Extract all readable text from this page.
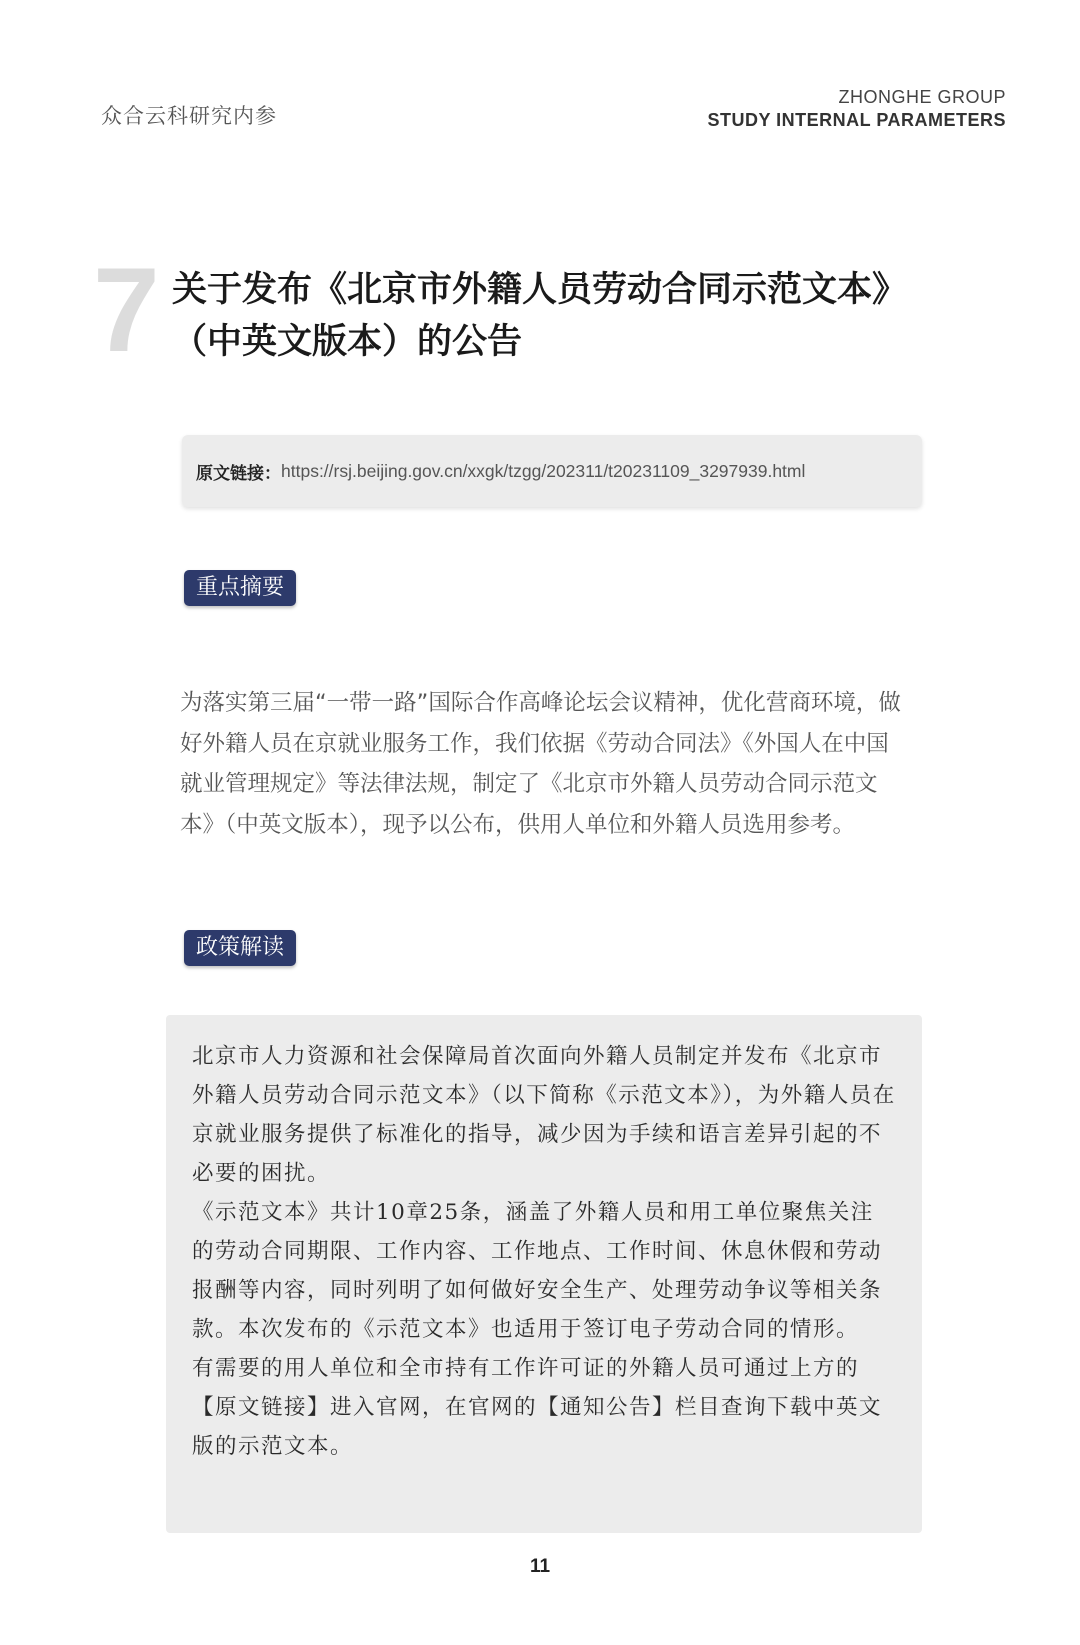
众合云科研究内参
ZHONGHE GROUP
STUDY INTERNAL PARAMETERS
7 关于发布《北京市外籍人员劳动合同示范文本》
（中英文版本）的公告
原文链接： https://rsj.beijing.gov.cn/xxgk/tzgg/202311/t20231109_3297939.html
重点摘要

为落实第三届“一带一路”国际合作高峰论坛会议精神，优化营商环境，做好外籍人员在京就业服务工作，我们依据《劳动合同法》《外国人在中国就业管理规定》等法律法规，制定了《北京市外籍人员劳动合同示范文本》（中英文版本），现予以公布，供用人单位和外籍人员选用参考。

政策解读

北京市人力资源和社会保障局首次面向外籍人员制定并发布《北京市外籍人员劳动合同示范文本》（以下简称《示范文本》），为外籍人员在京就业服务提供了标准化的指导，减少因为手续和语言差异引起的不必要的困扰。

《示范文本》共计10章25条，涵盖了外籍人员和用工单位聚焦关注的劳动合同期限、工作内容、工作地点、工作时间、休息休假和劳动报酬等内容，同时列明了如何做好安全生产、处理劳动争议等相关条款。本次发布的《示范文本》也适用于签订电子劳动合同的情形。

有需要的用人单位和全市持有工作许可证的外籍人员可通过上方的【原文链接】进入官网，在官网的【通知公告】栏目查询下载中英文版的示范文本。

11
